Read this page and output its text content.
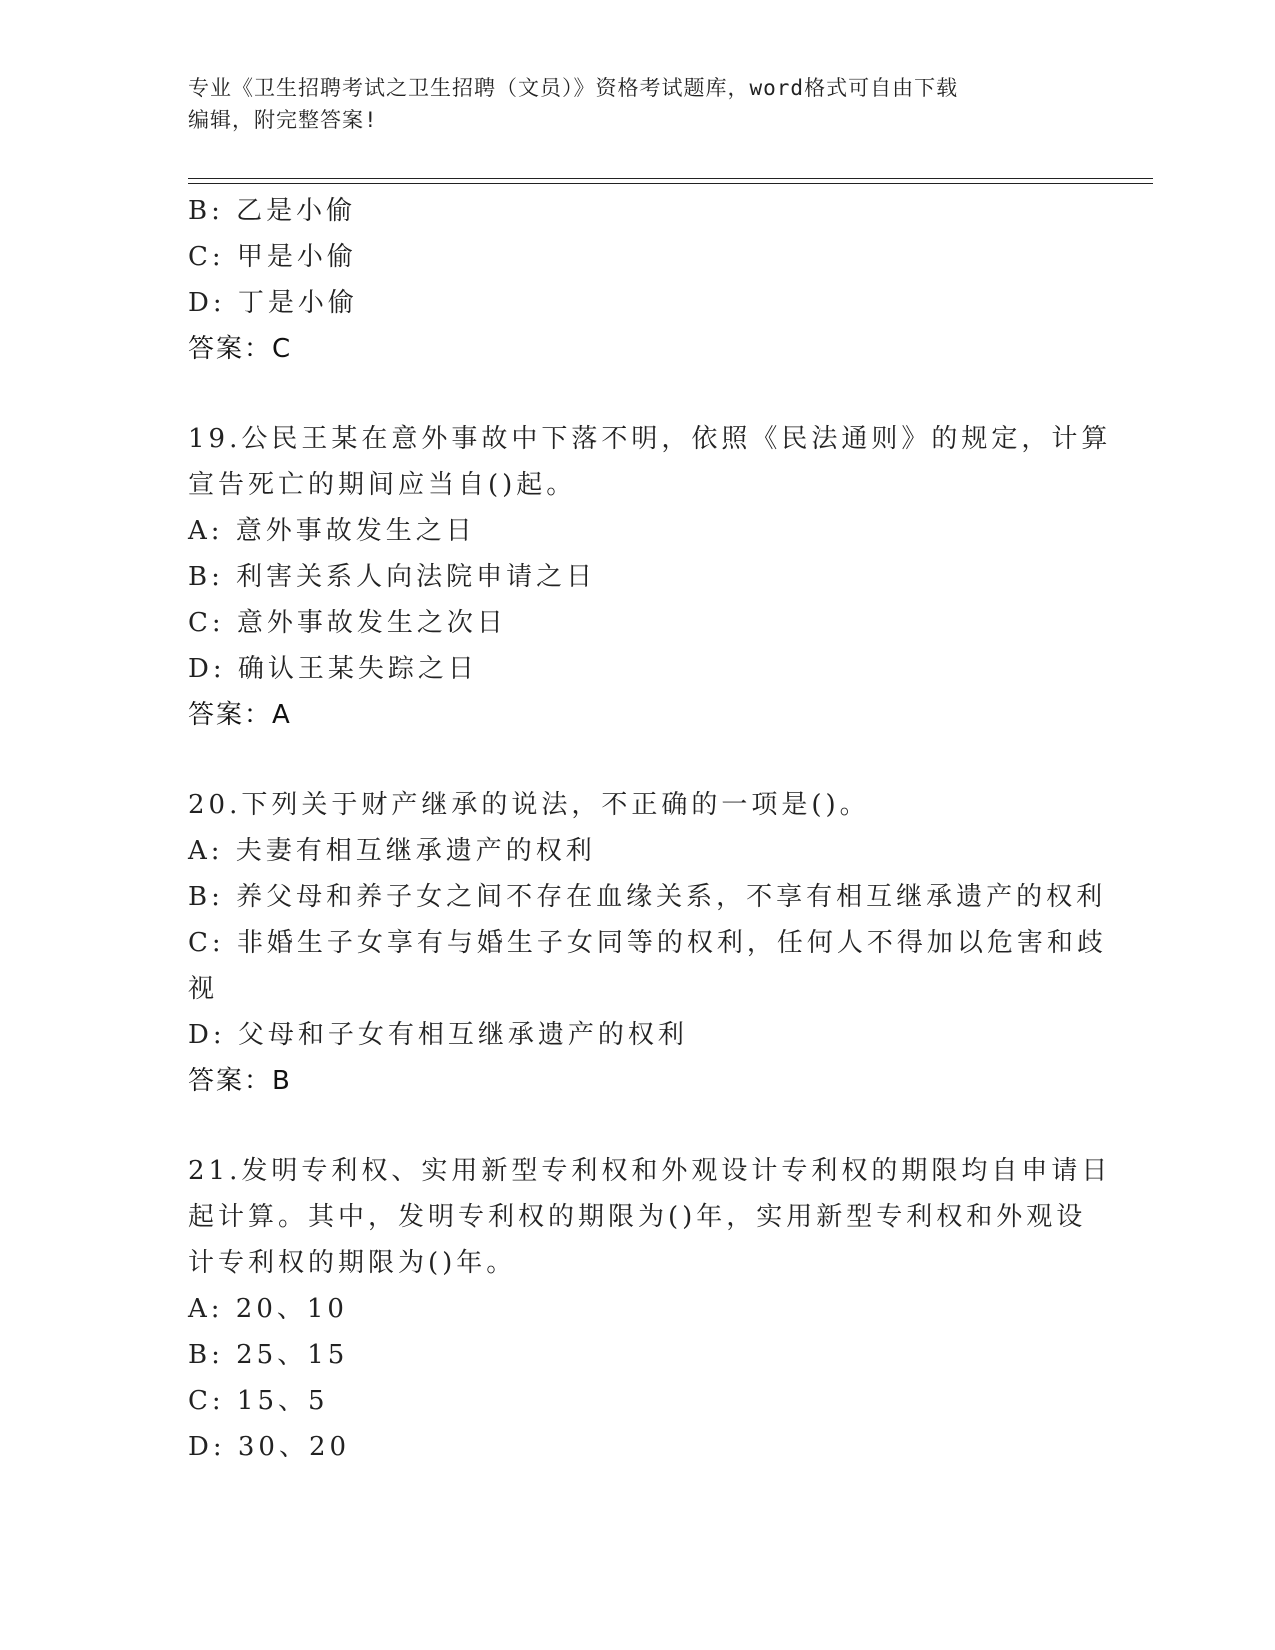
专业《卫生招聘考试之卫生招聘（文员）》资格考试题库，word格式可自由下载
编辑，附完整答案!
B: 乙是小偷
C: 甲是小偷
D: 丁是小偷
答案：C
19.公民王某在意外事故中下落不明，依照《民法通则》的规定，计算
宣告死亡的期间应当自()起。
A: 意外事故发生之日
B: 利害关系人向法院申请之日
C: 意外事故发生之次日
D: 确认王某失踪之日
答案：A
20.下列关于财产继承的说法，不正确的一项是()。
A: 夫妻有相互继承遗产的权利
B: 养父母和养子女之间不存在血缘关系，不享有相互继承遗产的权利
C: 非婚生子女享有与婚生子女同等的权利，任何人不得加以危害和歧
视
D: 父母和子女有相互继承遗产的权利
答案：B
21.发明专利权、实用新型专利权和外观设计专利权的期限均自申请日
起计算。其中，发明专利权的期限为()年，实用新型专利权和外观设
计专利权的期限为()年。
A: 20、10
B: 25、15
C: 15、5
D: 30、20
